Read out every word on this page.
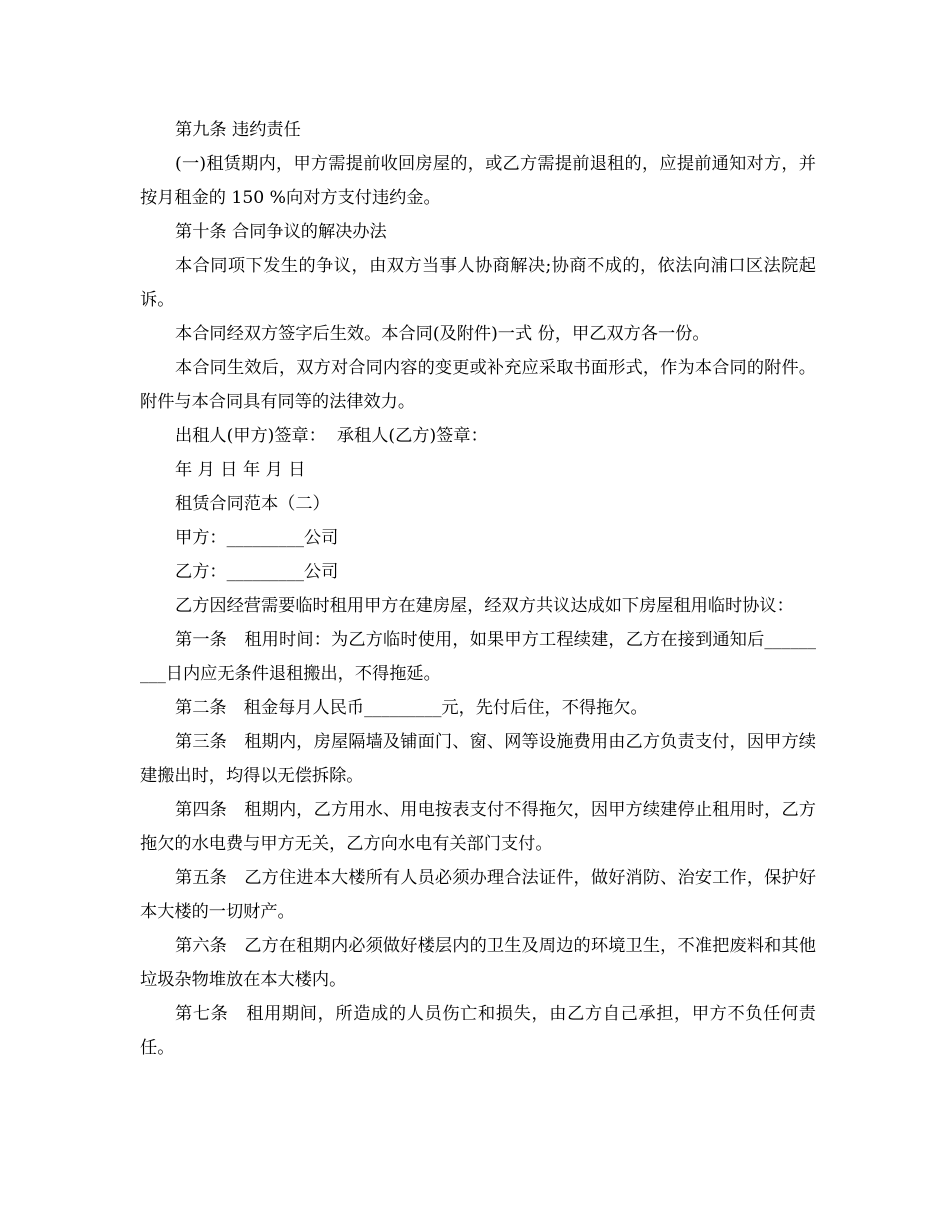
第九条 违约责任

(一)租赁期内，甲方需提前收回房屋的，或乙方需提前退租的，应提前通知对方，并按月租金的 150 %向对方支付违约金。

第十条 合同争议的解决办法

本合同项下发生的争议，由双方当事人协商解决;协商不成的，依法向浦口区法院起诉。

本合同经双方签字后生效。本合同(及附件)一式 份，甲乙双方各一份。

本合同生效后，双方对合同内容的变更或补充应采取书面形式，作为本合同的附件。附件与本合同具有同等的法律效力。

出租人(甲方)签章：  承租人(乙方)签章：

年 月 日 年 月 日

租赁合同范本（二）

甲方：_________公司

乙方：_________公司

乙方因经营需要临时租用甲方在建房屋，经双方共议达成如下房屋租用临时协议：

第一条　租用时间：为乙方临时使用，如果甲方工程续建，乙方在接到通知后_________日内应无条件退租搬出，不得拖延。

第二条　租金每月人民币_________元，先付后住，不得拖欠。

第三条　租期内，房屋隔墙及铺面门、窗、网等设施费用由乙方负责支付，因甲方续建搬出时，均得以无偿拆除。

第四条　租期内，乙方用水、用电按表支付不得拖欠，因甲方续建停止租用时，乙方拖欠的水电费与甲方无关，乙方向水电有关部门支付。

第五条　乙方住进本大楼所有人员必须办理合法证件，做好消防、治安工作，保护好本大楼的一切财产。

第六条　乙方在租期内必须做好楼层内的卫生及周边的环境卫生，不准把废料和其他垃圾杂物堆放在本大楼内。

第七条　租用期间，所造成的人员伤亡和损失，由乙方自己承担，甲方不负任何责任。
